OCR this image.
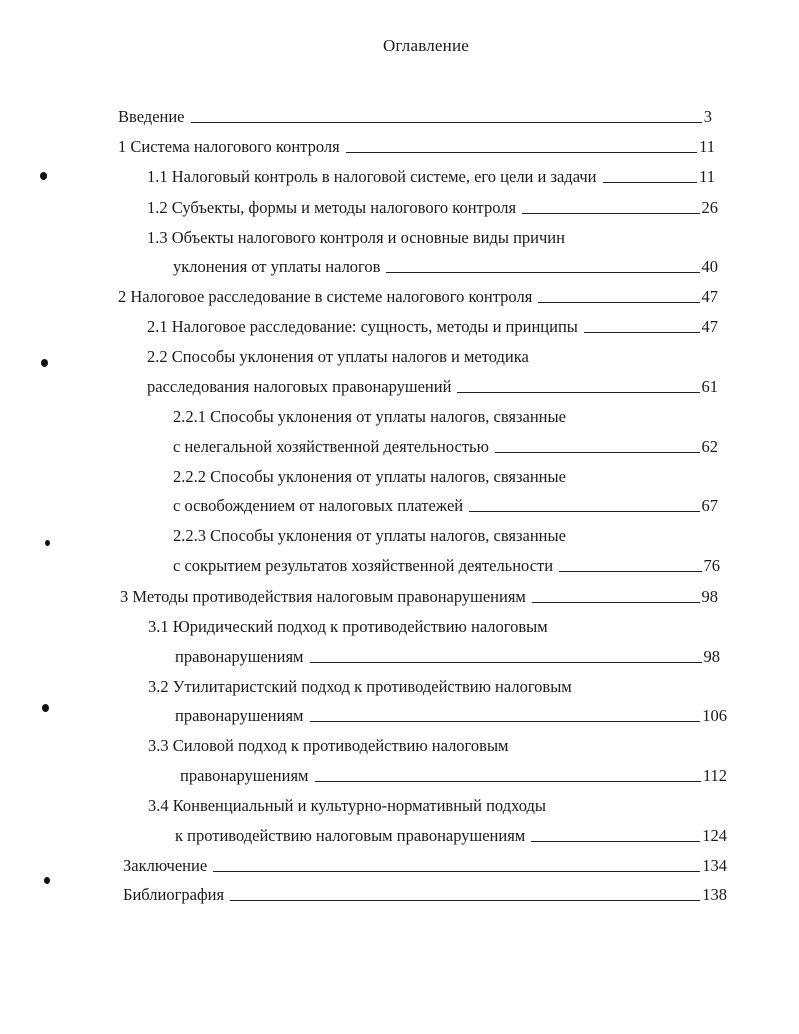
Оглавление
Введение	3
1 Система налогового контроля	11
1.1 Налоговый контроль в налоговой системе, его цели и задачи	11
1.2 Субъекты, формы и методы налогового контроля	26
1.3 Объекты налогового контроля и основные виды причин
уклонения от уплаты налогов	40
2 Налоговое расследование в системе налогового контроля	47
2.1 Налоговое расследование: сущность, методы и принципы	47
2.2 Способы уклонения от уплаты налогов и методика
расследования налоговых правонарушений	61
2.2.1 Способы уклонения от уплаты налогов, связанные
с нелегальной хозяйственной деятельностью	62
2.2.2 Способы уклонения от уплаты налогов, связанные
с освобождением от налоговых платежей	67
2.2.3 Способы уклонения от уплаты налогов, связанные
с сокрытием результатов хозяйственной деятельности	76
3 Методы противодействия налоговым правонарушениям	98
3.1 Юридический подход к противодействию налоговым
правонарушениям	98
3.2 Утилитаристский подход к противодействию налоговым
правонарушениям	106
3.3 Силовой подход к противодействию налоговым
правонарушениям	112
3.4 Конвенциальный и культурно-нормативный подходы
к противодействию налоговым правонарушениям	124
Заключение	134
Библиография	138
